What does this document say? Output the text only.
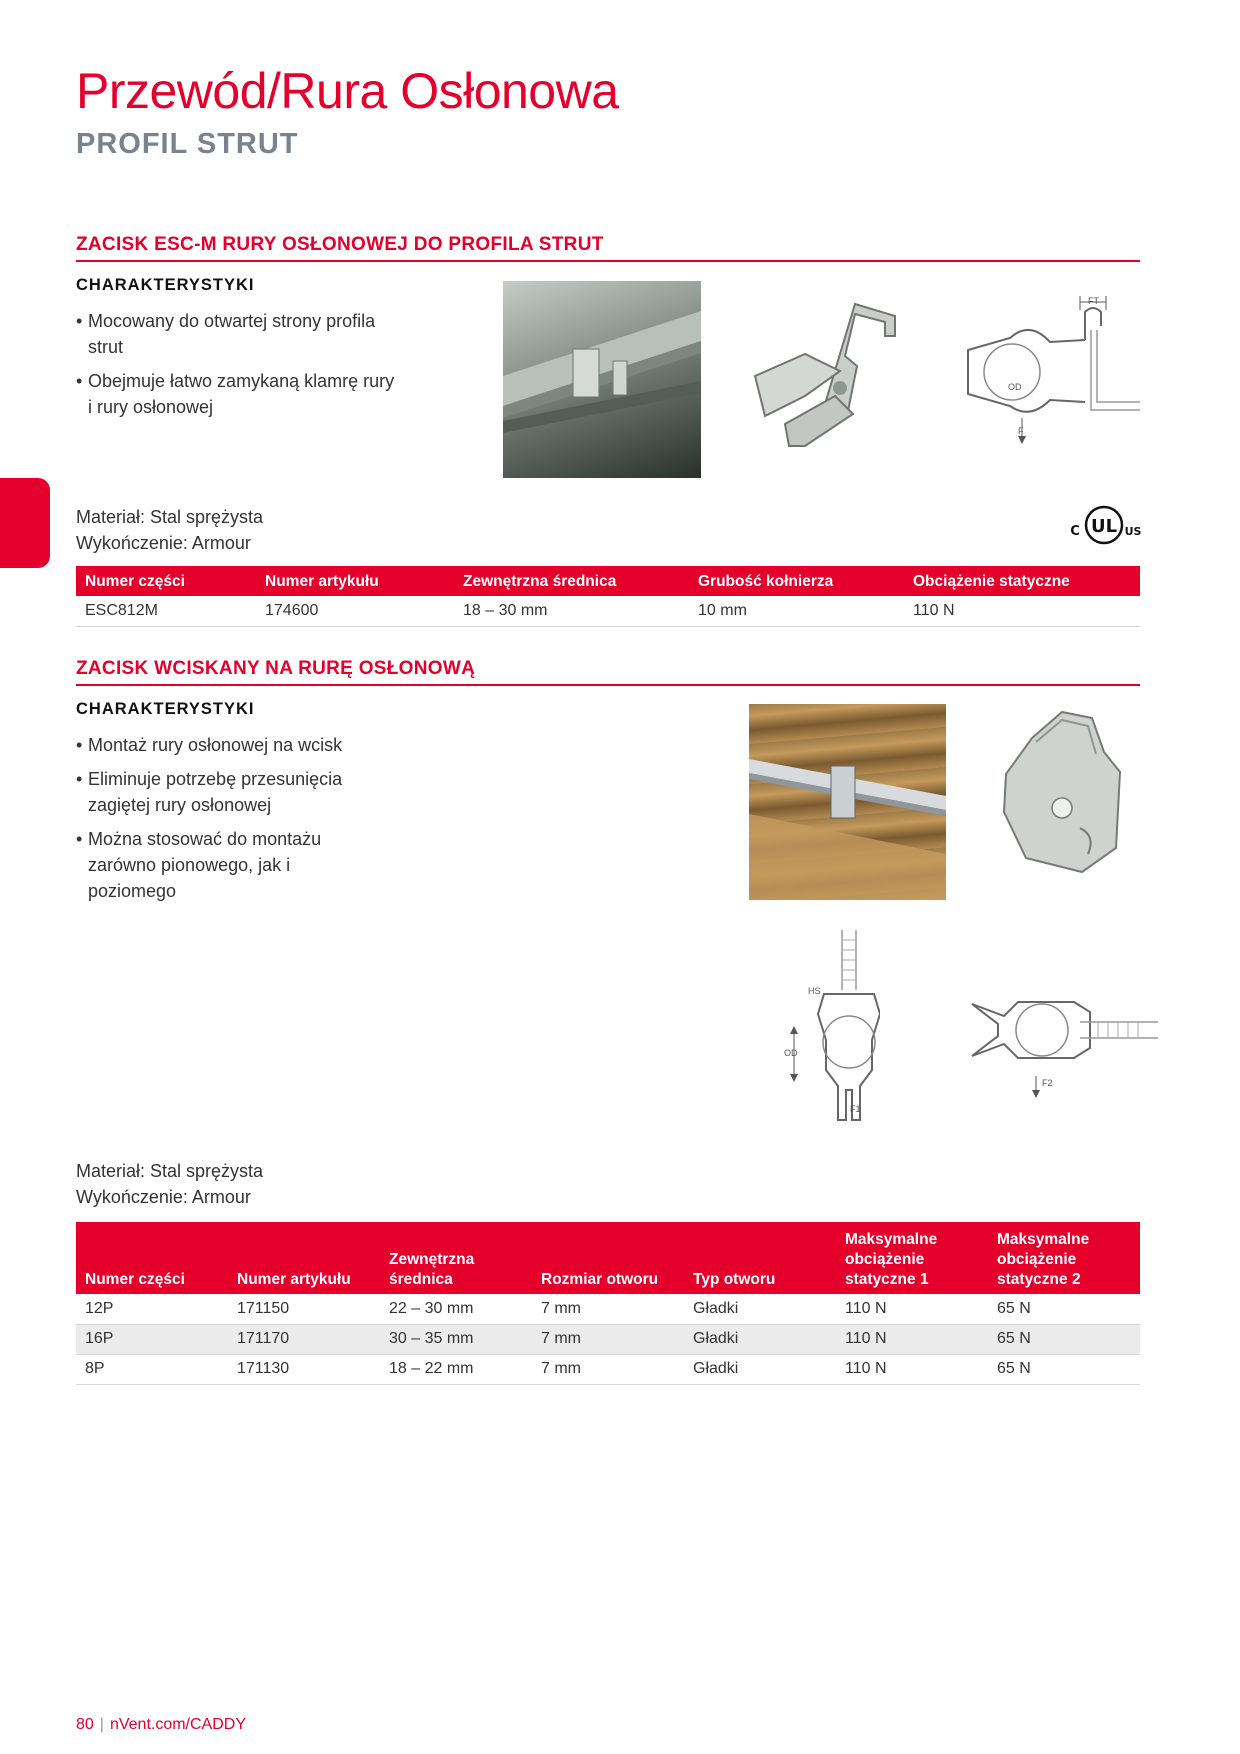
Przewód/Rura Osłonowa
PROFIL STRUT
ZACISK ESC-M RURY OSŁONOWEJ DO PROFILA STRUT
CHARAKTERYSTYKI
• Mocowany do otwartej strony profila strut
• Obejmuje łatwo zamykaną klamrę rury i rury osłonowej
FT
OD
F
Materiał: Stal sprężysta
Wykończenie: Armour
UL
C	US
Numer części	Numer artykułu	Zewnętrzna średnica	Grubość kołnierza	Obciążenie statyczne
ESC812M	174600	18 – 30 mm	10 mm	110 N
ZACISK WCISKANY NA RURĘ OSŁONOWĄ
CHARAKTERYSTYKI
• Montaż rury osłonowej na wcisk
• Eliminuje potrzebę przesunięcia zagiętej rury osłonowej
• Można stosować do montażu zarówno pionowego, jak i poziomego
HS
OD
F1
F2
Materiał: Stal sprężysta
Wykończenie: Armour
Numer części	Numer artykułu	Zewnętrzna średnica	Rozmiar otworu	Typ otworu	Maksymalne obciążenie statyczne 1	Maksymalne obciążenie statyczne 2
12P	171150	22 – 30 mm	7 mm	Gładki	110 N	65 N
16P	171170	30 – 35 mm	7 mm	Gładki	110 N	65 N
8P	171130	18 – 22 mm	7 mm	Gładki	110 N	65 N
80 | nVent.com/CADDY
